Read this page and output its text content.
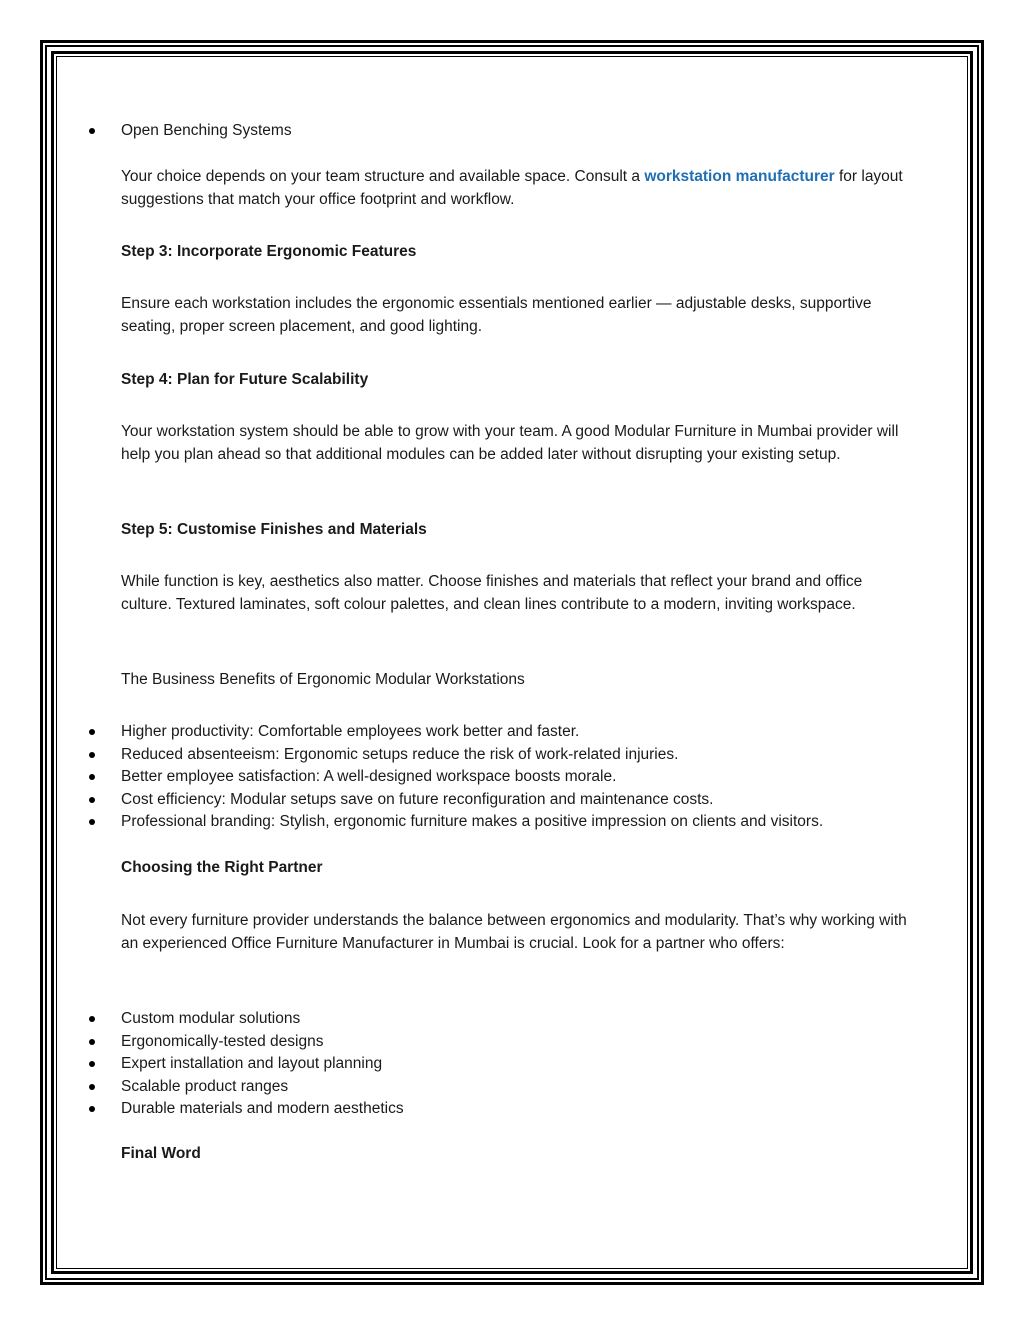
Open Benching Systems

Your choice depends on your team structure and available space. Consult a workstation manufacturer for layout suggestions that match your office footprint and workflow.

Step 3: Incorporate Ergonomic Features

Ensure each workstation includes the ergonomic essentials mentioned earlier — adjustable desks, supportive seating, proper screen placement, and good lighting.

Step 4: Plan for Future Scalability

Your workstation system should be able to grow with your team. A good Modular Furniture in Mumbai provider will help you plan ahead so that additional modules can be added later without disrupting your existing setup.

Step 5: Customise Finishes and Materials

While function is key, aesthetics also matter. Choose finishes and materials that reflect your brand and office culture. Textured laminates, soft colour palettes, and clean lines contribute to a modern, inviting workspace.

The Business Benefits of Ergonomic Modular Workstations

Higher productivity: Comfortable employees work better and faster.
Reduced absenteeism: Ergonomic setups reduce the risk of work-related injuries.
Better employee satisfaction: A well-designed workspace boosts morale.
Cost efficiency: Modular setups save on future reconfiguration and maintenance costs.
Professional branding: Stylish, ergonomic furniture makes a positive impression on clients and visitors.

Choosing the Right Partner

Not every furniture provider understands the balance between ergonomics and modularity. That’s why working with an experienced Office Furniture Manufacturer in Mumbai is crucial. Look for a partner who offers:

Custom modular solutions
Ergonomically-tested designs
Expert installation and layout planning
Scalable product ranges
Durable materials and modern aesthetics

Final Word
